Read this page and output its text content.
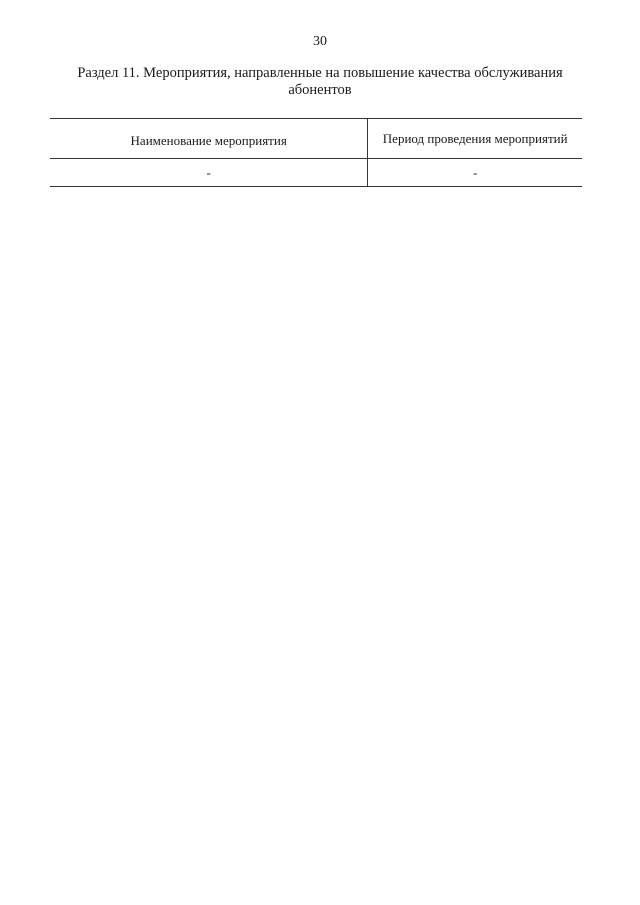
30
Раздел 11. Мероприятия, направленные на повышение качества обслуживания абонентов
Наименование мероприятия	Период проведения мероприятий
-	-
